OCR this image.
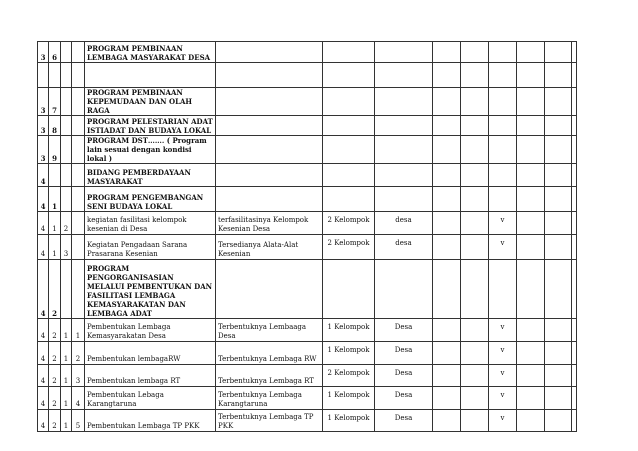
3	6			PROGRAM PEMBINAAN LEMBAGA MASYARAKAT DESA									

3	7			PROGRAM PEMBINAAN KEPEMUDAAN DAN OLAH RAGA									
3	8			PROGRAM PELESTARIAN ADAT ISTIADAT DAN BUDAYA LOKAL									
3	9			PROGRAM DST……. ( Program lain sesuai dengan kondisi lokal )									
4				BIDANG PEMBERDAYAAN MASYARAKAT									
4	1			PROGRAM PENGEMBANGAN SENI BUDAYA LOKAL									
4	1	2		kegiatan fasilitasi kelompok kesenian di Desa	terfasilitasinya Kelompok Kesenian Desa	2 Kelompok	desa			v			
4	1	3		Kegiatan Pengadaan Sarana Prasarana Kesenian	Tersedianya Alata-Alat Kesenian	2 Kelompok	desa			v			
4	2			PROGRAM PENGORGANISASIAN MELALUI PEMBENTUKAN DAN FASILITASI LEMBAGA KEMASYARAKATAN DAN LEMBAGA ADAT									
4	2	1	1	Pembentukan Lembaga Kemasyarakatan Desa	Terbentuknya Lembaaga Desa	1 Kelompok	Desa			v			
4	2	1	2	Pembentukan lembagaRW	Terbentuknya Lembaga RW	1 Kelompok	Desa			v			
4	2	1	3	Pembentukan lembaga RT	Terbentuknya Lembaga RT	2 Kelompok	Desa			v			
4	2	1	4	Pembentukan Lebaga Karangtaruna	Terbentuknya Lembaga Karangtaruna	1 Kelompok	Desa			v			
4	2	1	5	Pembentukan Lembaga TP PKK	Terbentuknya Lembaga TP PKK	1 Kelompok	Desa			v			
